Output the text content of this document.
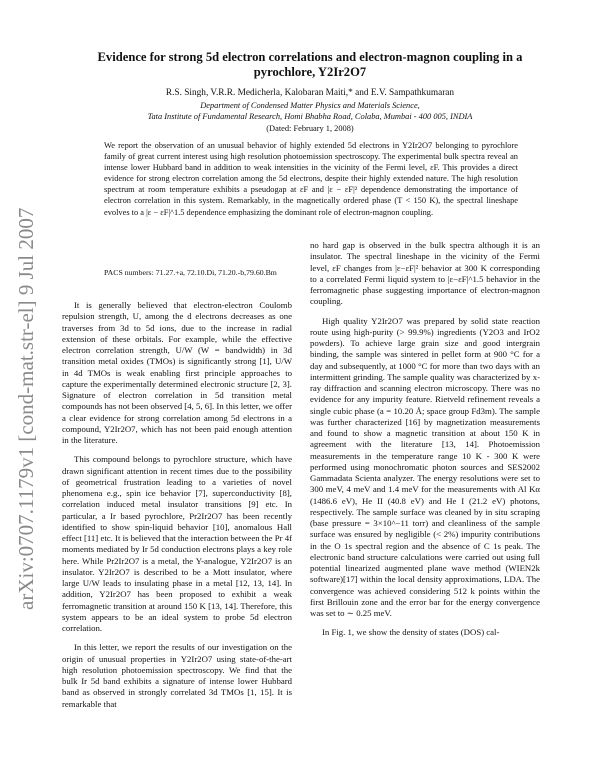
arXiv:0707.1179v1 [cond-mat.str-el] 9 Jul 2007
Evidence for strong 5d electron correlations and electron-magnon coupling in a pyrochlore, Y2Ir2O7
R.S. Singh, V.R.R. Medicherla, Kalobaran Maiti,* and E.V. Sampathkumaran
Department of Condensed Matter Physics and Materials Science,
Tata Institute of Fundamental Research, Homi Bhabha Road, Colaba, Mumbai - 400 005, INDIA
(Dated: February 1, 2008)
We report the observation of an unusual behavior of highly extended 5d electrons in Y2Ir2O7 belonging to pyrochlore family of great current interest using high resolution photoemission spectroscopy. The experimental bulk spectra reveal an intense lower Hubbard band in addition to weak intensities in the vicinity of the Fermi level, εF. This provides a direct evidence for strong electron correlation among the 5d electrons, despite their highly extended nature. The high resolution spectrum at room temperature exhibits a pseudogap at εF and |ε − εF|² dependence demonstrating the importance of electron correlation in this system. Remarkably, in the magnetically ordered phase (T < 150 K), the spectral lineshape evolves to a |ε − εF|^1.5 dependence emphasizing the dominant role of electron-magnon coupling.
PACS numbers: 71.27.+a, 72.10.Di, 71.20.-b,79.60.Bm

It is generally believed that electron-electron Coulomb repulsion strength, U, among the d electrons decreases as one traverses from 3d to 5d ions, due to the increase in radial extension of these orbitals. For example, while the effective electron correlation strength, U/W (W = bandwidth) in 3d transition metal oxides (TMOs) is significantly strong [1], U/W in 4d TMOs is weak enabling first principle approaches to capture the experimentally determined electronic structure [2, 3]. Signature of electron correlation in 5d transition metal compounds has not been observed [4, 5, 6]. In this letter, we offer a clear evidence for strong correlation among 5d electrons in a compound, Y2Ir2O7, which has not been paid enough attention in the literature.

This compound belongs to pyrochlore structure, which have drawn significant attention in recent times due to the possibility of geometrical frustration leading to a varieties of novel phenomena e.g., spin ice behavior [7], superconductivity [8], correlation induced metal insulator transitions [9] etc. In particular, a Ir based pyrochlore, Pr2Ir2O7 has been recently identified to show spin-liquid behavior [10], anomalous Hall effect [11] etc. It is believed that the interaction between the Pr 4f moments mediated by Ir 5d conduction electrons plays a key role here. While Pr2Ir2O7 is a metal, the Y-analogue, Y2Ir2O7 is an insulator. Y2Ir2O7 is described to be a Mott insulator, where large U/W leads to insulating phase in a metal [12, 13, 14]. In addition, Y2Ir2O7 has been proposed to exhibit a weak ferromagnetic transition at around 150 K [13, 14]. Therefore, this system appears to be an ideal system to probe 5d electron correlation.

In this letter, we report the results of our investigation on the origin of unusual properties in Y2Ir2O7 using state-of-the-art high resolution photoemission spectroscopy. We find that the bulk Ir 5d band exhibits a signature of intense lower Hubbard band as observed in strongly correlated 3d TMOs [1, 15]. It is remarkable that

no hard gap is observed in the bulk spectra although it is an insulator. The spectral lineshape in the vicinity of the Fermi level, εF changes from |ε−εF|² behavior at 300 K corresponding to a correlated Fermi liquid system to |ε−εF|^1.5 behavior in the ferromagnetic phase suggesting importance of electron-magnon coupling.

High quality Y2Ir2O7 was prepared by solid state reaction route using high-purity (> 99.9%) ingredients (Y2O3 and IrO2 powders). To achieve large grain size and good intergrain binding, the sample was sintered in pellet form at 900 °C for a day and subsequently, at 1000 °C for more than two days with an intermittent grinding. The sample quality was characterized by x-ray diffraction and scanning electron microscopy. There was no evidence for any impurity feature. Rietveld refinement reveals a single cubic phase (a = 10.20 Å; space group Fd3m). The sample was further characterized [16] by magnetization measurements and found to show a magnetic transition at about 150 K in agreement with the literature [13, 14]. Photoemission measurements in the temperature range 10 K - 300 K were performed using monochromatic photon sources and SES2002 Gammadata Scienta analyzer. The energy resolutions were set to 300 meV, 4 meV and 1.4 meV for the measurements with Al Kα (1486.6 eV), He II (40.8 eV) and He I (21.2 eV) photons, respectively. The sample surface was cleaned by in situ scraping (base pressure = 3×10^−11 torr) and cleanliness of the sample surface was ensured by negligible (< 2%) impurity contributions in the O 1s spectral region and the absence of C 1s peak. The electronic band structure calculations were carried out using full potential linearized augmented plane wave method (WIEN2k software)[17] within the local density approximations, LDA. The convergence was achieved considering 512 k points within the first Brillouin zone and the error bar for the energy convergence was set to ∼ 0.25 meV.

In Fig. 1, we show the density of states (DOS) cal-
